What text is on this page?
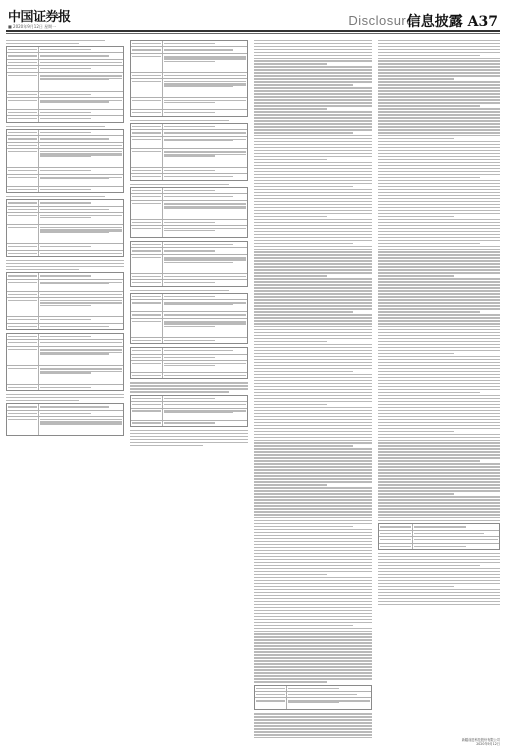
中国证券报
■ 2020年9月12日 星期一	Disclosure
信息披露 A37
新疆前进科技股份有限公司
2020年9月12日
